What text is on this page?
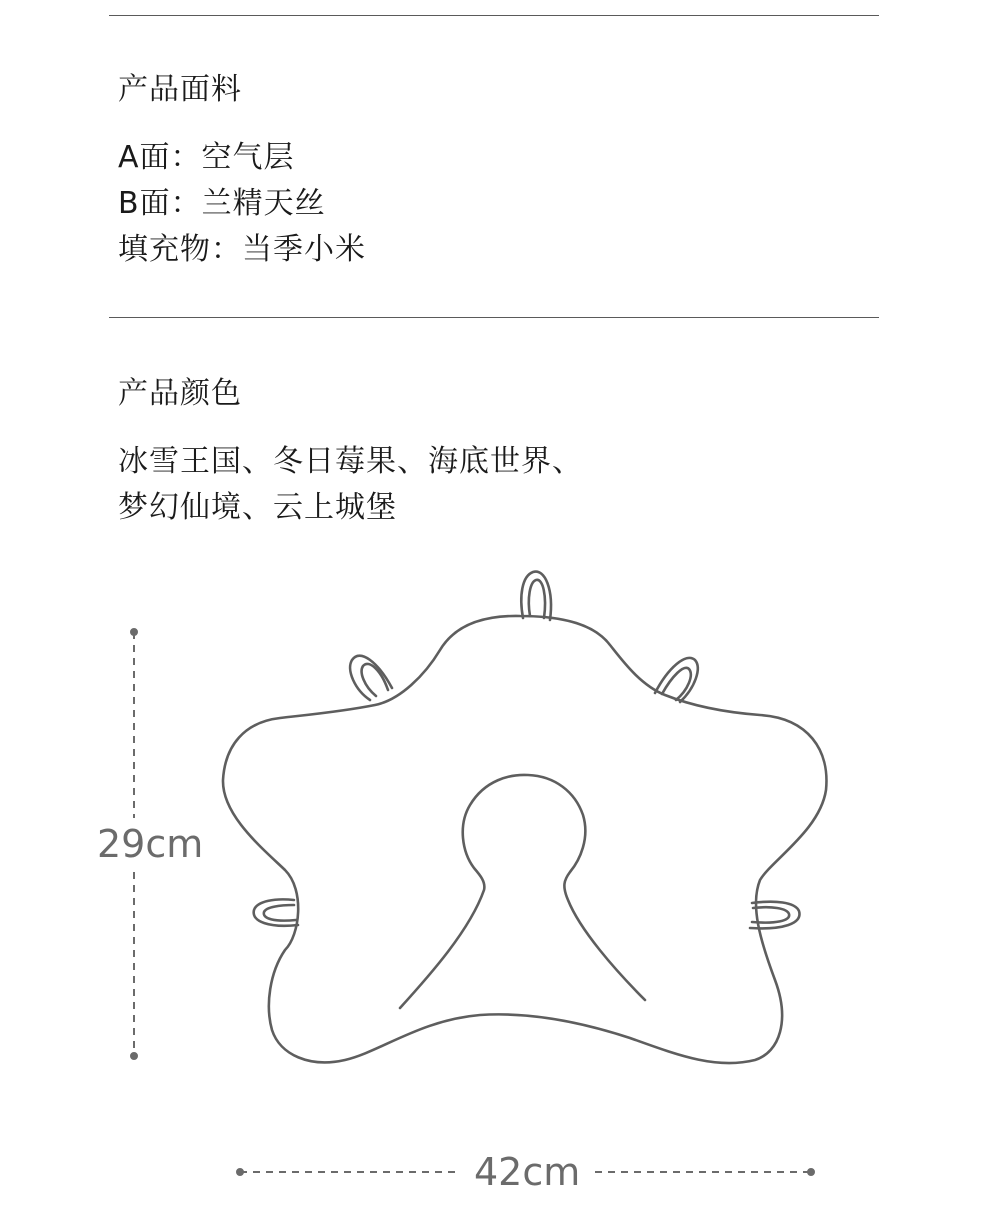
产品面料
A面：空气层
B面：兰精天丝
填充物：当季小米
产品颜色
冰雪王国、冬日莓果、海底世界、
梦幻仙境、云上城堡
29cm
42cm
